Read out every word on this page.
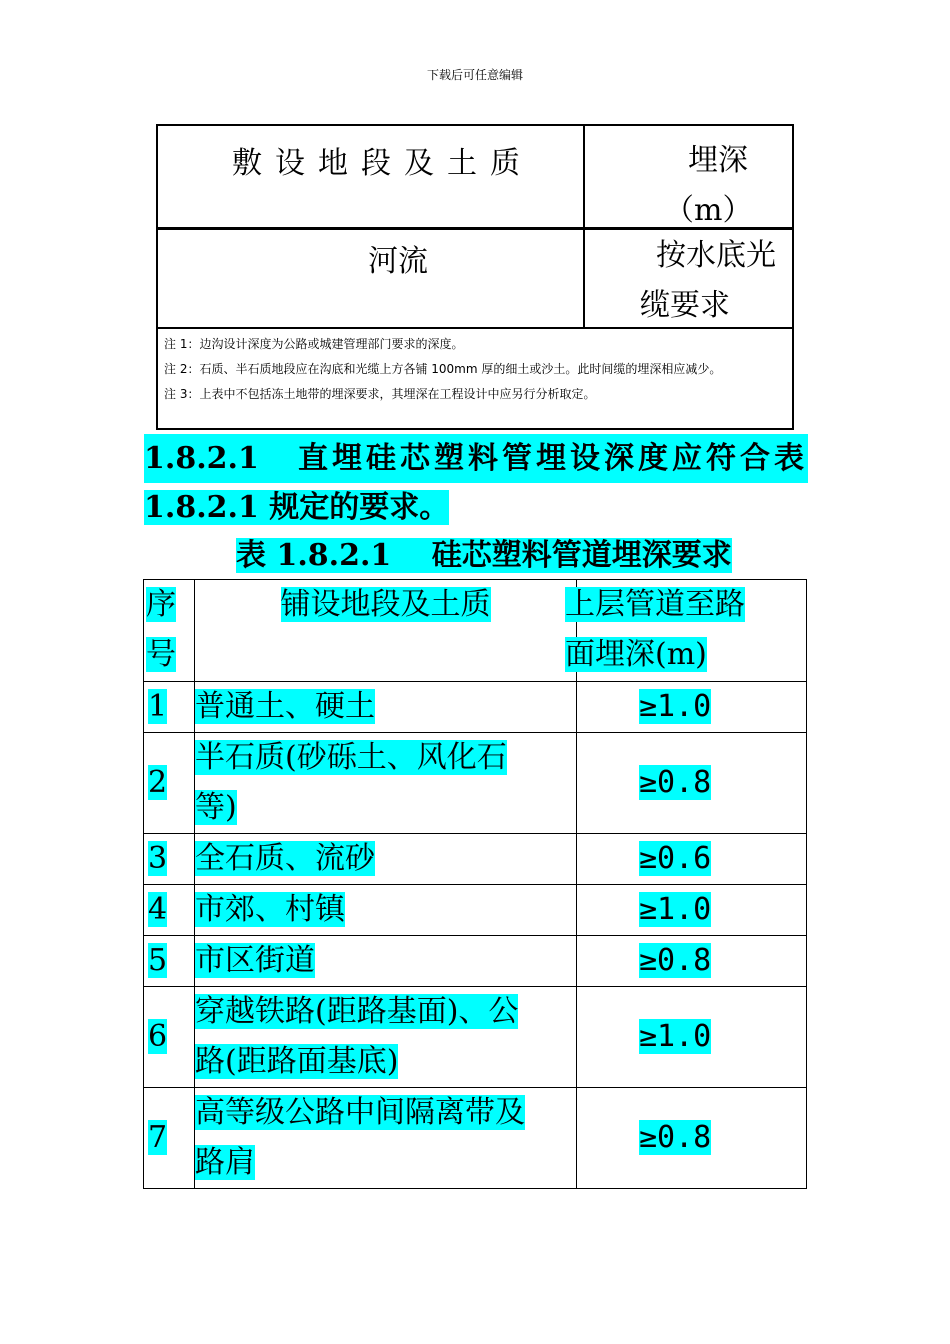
下载后可任意编辑
敷设地段及土质	埋深
（m）
河流	按水底光
缆要求
注 1：边沟设计深度为公路或城建管理部门要求的深度。
注 2：石质、半石质地段应在沟底和光缆上方各铺 100mm 厚的细土或沙土。此时间缆的埋深相应减少。
注 3：上表中不包括冻土地带的埋深要求，其埋深在工程设计中应另行分析取定。
1.8.2.1 直埋硅芯塑料管埋设深度应符合表
1.8.2.1 规定的要求。
表 1.8.2.1　 硅芯塑料管道埋深要求
序
号	铺设地段及土质	上层管道至路
面埋深(m)
1	普通土、硬土	≥1.0
2	半石质(砂砾土、风化石
等)	≥0.8
3	全石质、流砂	≥0.6
4	市郊、村镇	≥1.0
5	市区街道	≥0.8
6	穿越铁路(距路基面)、公
路(距路面基底)	≥1.0
7	高等级公路中间隔离带及
路肩	≥0.8
